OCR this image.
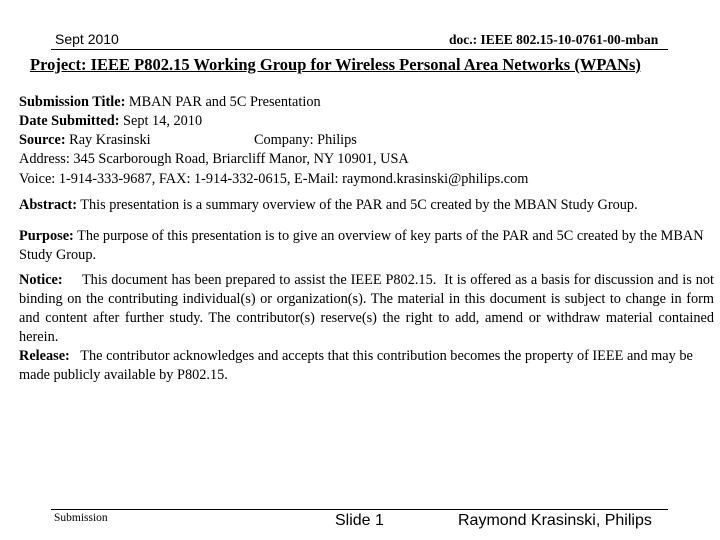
Sept 2010	doc.: IEEE 802.15-10-0761-00-mban
Project: IEEE P802.15 Working Group for Wireless Personal Area Networks (WPANs)
Submission Title: MBAN PAR and 5C Presentation
Date Submitted: Sept 14, 2010
Source: Ray Krasinski	Company: Philips
Address: 345 Scarborough Road, Briarcliff Manor, NY 10901, USA
Voice: 1-914-333-9687, FAX: 1-914-332-0615, E-Mail: raymond.krasinski@philips.com
Abstract: This presentation is a summary overview of the PAR and 5C created by the MBAN Study Group.
Purpose: The purpose of this presentation is to give an overview of key parts of the PAR and 5C created by the MBAN Study Group.
Notice:     This document has been prepared to assist the IEEE P802.15.  It is offered as a basis for discussion and is not binding on the contributing individual(s) or organization(s). The material in this document is subject to change in form and content after further study. The contributor(s) reserve(s) the right to add, amend or withdraw material contained herein.
Release:   The contributor acknowledges and accepts that this contribution becomes the property of IEEE and may be made publicly available by P802.15.
Submission	Slide 1	Raymond Krasinski, Philips
